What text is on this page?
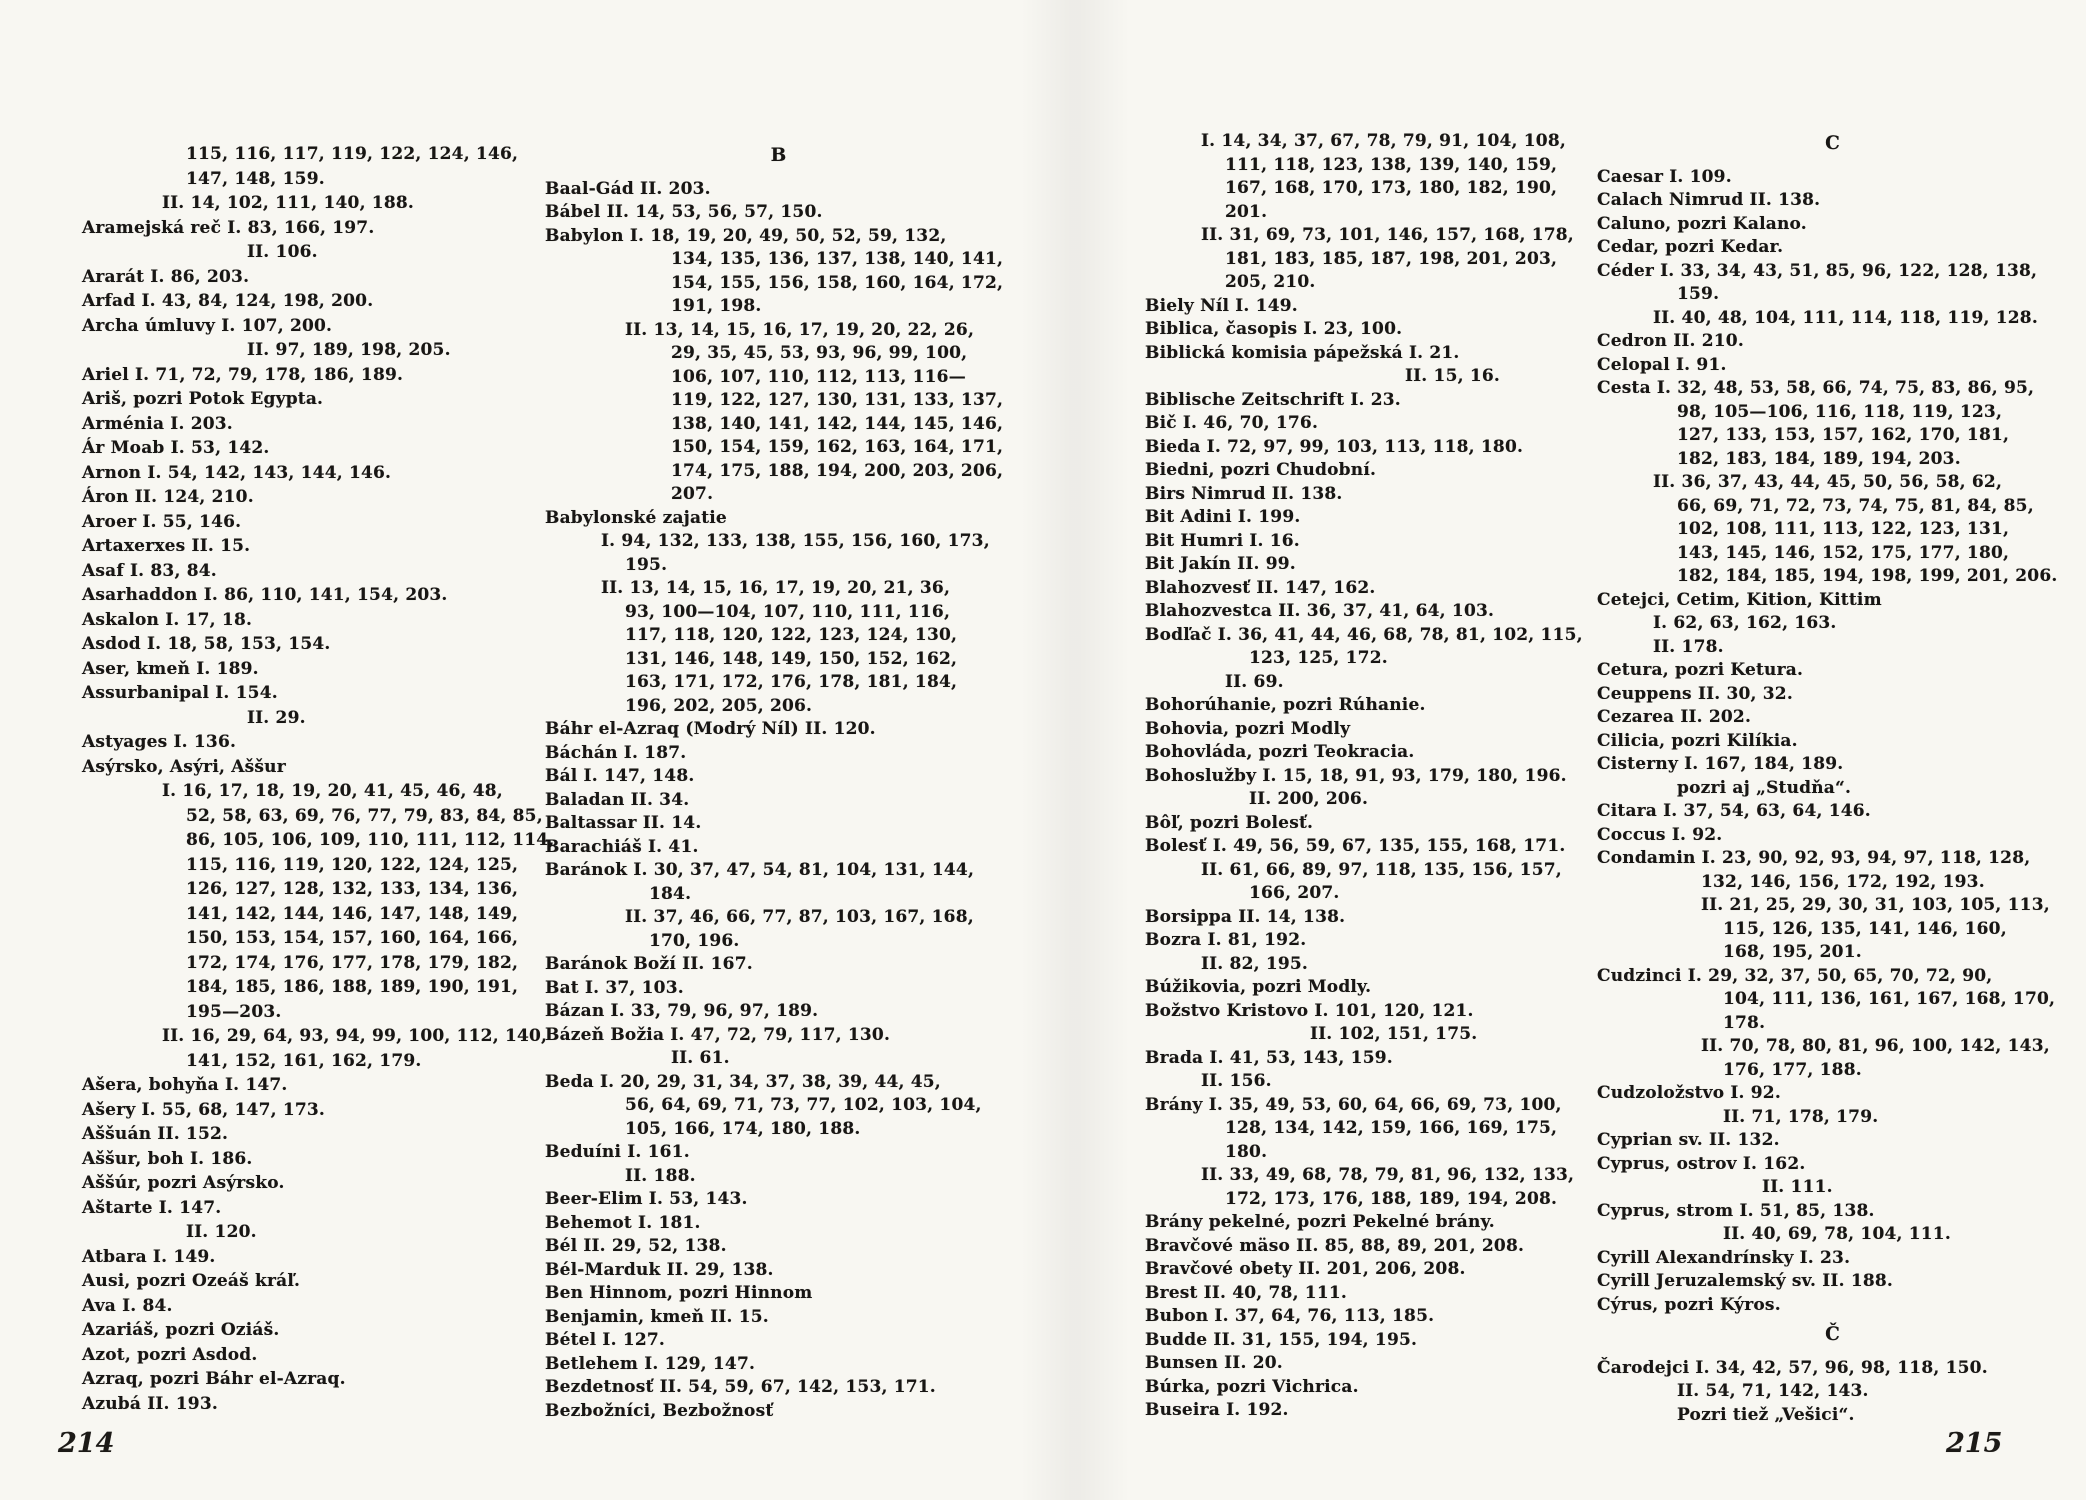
115, 116, 117, 119, 122, 124, 146,
147, 148, 159.
II. 14, 102, 111, 140, 188.
Aramejská reč I. 83, 166, 197.
II. 106.
Ararát I. 86, 203.
Arfad I. 43, 84, 124, 198, 200.
Archa úmluvy I. 107, 200.
II. 97, 189, 198, 205.
Ariel I. 71, 72, 79, 178, 186, 189.
Ariš, pozri Potok Egypta.
Arménia I. 203.
Ár Moab I. 53, 142.
Arnon I. 54, 142, 143, 144, 146.
Áron II. 124, 210.
Aroer I. 55, 146.
Artaxerxes II. 15.
Asaf I. 83, 84.
Asarhaddon I. 86, 110, 141, 154, 203.
Askalon I. 17, 18.
Asdod I. 18, 58, 153, 154.
Aser, kmeň I. 189.
Assurbanipal I. 154.
II. 29.
Astyages I. 136.
Asýrsko, Asýri, Aššur
I. 16, 17, 18, 19, 20, 41, 45, 46, 48,
52, 58, 63, 69, 76, 77, 79, 83, 84, 85,
86, 105, 106, 109, 110, 111, 112, 114,
115, 116, 119, 120, 122, 124, 125,
126, 127, 128, 132, 133, 134, 136,
141, 142, 144, 146, 147, 148, 149,
150, 153, 154, 157, 160, 164, 166,
172, 174, 176, 177, 178, 179, 182,
184, 185, 186, 188, 189, 190, 191,
195—203.
II. 16, 29, 64, 93, 94, 99, 100, 112, 140,
141, 152, 161, 162, 179.
Ašera, bohyňa I. 147.
Ašery I. 55, 68, 147, 173.
Aššuán II. 152.
Aššur, boh I. 186.
Aššúr, pozri Asýrsko.
Aštarte I. 147.
II. 120.
Atbara I. 149.
Ausi, pozri Ozeáš kráľ.
Ava I. 84.
Azariáš, pozri Oziáš.
Azot, pozri Asdod.
Azraq, pozri Báhr el-Azraq.
Azubá II. 193.
B
Baal-Gád II. 203.
Bábel II. 14, 53, 56, 57, 150.
Babylon I. 18, 19, 20, 49, 50, 52, 59, 132,
134, 135, 136, 137, 138, 140, 141,
154, 155, 156, 158, 160, 164, 172,
191, 198.
II. 13, 14, 15, 16, 17, 19, 20, 22, 26,
29, 35, 45, 53, 93, 96, 99, 100,
106, 107, 110, 112, 113, 116—
119, 122, 127, 130, 131, 133, 137,
138, 140, 141, 142, 144, 145, 146,
150, 154, 159, 162, 163, 164, 171,
174, 175, 188, 194, 200, 203, 206,
207.
Babylonské zajatie
I. 94, 132, 133, 138, 155, 156, 160, 173,
195.
II. 13, 14, 15, 16, 17, 19, 20, 21, 36,
93, 100—104, 107, 110, 111, 116,
117, 118, 120, 122, 123, 124, 130,
131, 146, 148, 149, 150, 152, 162,
163, 171, 172, 176, 178, 181, 184,
196, 202, 205, 206.
Báhr el-Azraq (Modrý Níl) II. 120.
Báchán I. 187.
Bál I. 147, 148.
Baladan II. 34.
Baltassar II. 14.
Barachiáš I. 41.
Baránok I. 30, 37, 47, 54, 81, 104, 131, 144,
184.
II. 37, 46, 66, 77, 87, 103, 167, 168,
170, 196.
Baránok Boží II. 167.
Bat I. 37, 103.
Bázan I. 33, 79, 96, 97, 189.
Bázeň Božia I. 47, 72, 79, 117, 130.
II. 61.
Beda I. 20, 29, 31, 34, 37, 38, 39, 44, 45,
56, 64, 69, 71, 73, 77, 102, 103, 104,
105, 166, 174, 180, 188.
Beduíni I. 161.
II. 188.
Beer-Elim I. 53, 143.
Behemot I. 181.
Bél II. 29, 52, 138.
Bél-Marduk II. 29, 138.
Ben Hinnom, pozri Hinnom
Benjamin, kmeň II. 15.
Bétel I. 127.
Betlehem I. 129, 147.
Bezdetnosť II. 54, 59, 67, 142, 153, 171.
Bezbožníci, Bezbožnosť
I. 14, 34, 37, 67, 78, 79, 91, 104, 108,
111, 118, 123, 138, 139, 140, 159,
167, 168, 170, 173, 180, 182, 190,
201.
II. 31, 69, 73, 101, 146, 157, 168, 178,
181, 183, 185, 187, 198, 201, 203,
205, 210.
Biely Níl I. 149.
Biblica, časopis I. 23, 100.
Biblická komisia pápežská I. 21.
II. 15, 16.
Biblische Zeitschrift I. 23.
Bič I. 46, 70, 176.
Bieda I. 72, 97, 99, 103, 113, 118, 180.
Biedni, pozri Chudobní.
Birs Nimrud II. 138.
Bit Adini I. 199.
Bit Humri I. 16.
Bit Jakín II. 99.
Blahozvesť II. 147, 162.
Blahozvestca II. 36, 37, 41, 64, 103.
Bodľač I. 36, 41, 44, 46, 68, 78, 81, 102, 115,
123, 125, 172.
II. 69.
Bohorúhanie, pozri Rúhanie.
Bohovia, pozri Modly
Bohovláda, pozri Teokracia.
Bohoslužby I. 15, 18, 91, 93, 179, 180, 196.
II. 200, 206.
Bôľ, pozri Bolesť.
Bolesť I. 49, 56, 59, 67, 135, 155, 168, 171.
II. 61, 66, 89, 97, 118, 135, 156, 157,
166, 207.
Borsippa II. 14, 138.
Bozra I. 81, 192.
II. 82, 195.
Búžikovia, pozri Modly.
Božstvo Kristovo I. 101, 120, 121.
II. 102, 151, 175.
Brada I. 41, 53, 143, 159.
II. 156.
Brány I. 35, 49, 53, 60, 64, 66, 69, 73, 100,
128, 134, 142, 159, 166, 169, 175,
180.
II. 33, 49, 68, 78, 79, 81, 96, 132, 133,
172, 173, 176, 188, 189, 194, 208.
Brány pekelné, pozri Pekelné brány.
Bravčové mäso II. 85, 88, 89, 201, 208.
Bravčové obety II. 201, 206, 208.
Brest II. 40, 78, 111.
Bubon I. 37, 64, 76, 113, 185.
Budde II. 31, 155, 194, 195.
Bunsen II. 20.
Búrka, pozri Vichrica.
Buseira I. 192.
C
Caesar I. 109.
Calach Nimrud II. 138.
Caluno, pozri Kalano.
Cedar, pozri Kedar.
Céder I. 33, 34, 43, 51, 85, 96, 122, 128, 138,
159.
II. 40, 48, 104, 111, 114, 118, 119, 128.
Cedron II. 210.
Celopal I. 91.
Cesta I. 32, 48, 53, 58, 66, 74, 75, 83, 86, 95,
98, 105—106, 116, 118, 119, 123,
127, 133, 153, 157, 162, 170, 181,
182, 183, 184, 189, 194, 203.
II. 36, 37, 43, 44, 45, 50, 56, 58, 62,
66, 69, 71, 72, 73, 74, 75, 81, 84, 85,
102, 108, 111, 113, 122, 123, 131,
143, 145, 146, 152, 175, 177, 180,
182, 184, 185, 194, 198, 199, 201, 206.
Cetejci, Cetim, Kition, Kittim
I. 62, 63, 162, 163.
II. 178.
Cetura, pozri Ketura.
Ceuppens II. 30, 32.
Cezarea II. 202.
Cilicia, pozri Kilíkia.
Cisterny I. 167, 184, 189.
pozri aj „Studňa“.
Citara I. 37, 54, 63, 64, 146.
Coccus I. 92.
Condamin I. 23, 90, 92, 93, 94, 97, 118, 128,
132, 146, 156, 172, 192, 193.
II. 21, 25, 29, 30, 31, 103, 105, 113,
115, 126, 135, 141, 146, 160,
168, 195, 201.
Cudzinci I. 29, 32, 37, 50, 65, 70, 72, 90,
104, 111, 136, 161, 167, 168, 170,
178.
II. 70, 78, 80, 81, 96, 100, 142, 143,
176, 177, 188.
Cudzoložstvo I. 92.
II. 71, 178, 179.
Cyprian sv. II. 132.
Cyprus, ostrov I. 162.
II. 111.
Cyprus, strom I. 51, 85, 138.
II. 40, 69, 78, 104, 111.
Cyrill Alexandrínsky I. 23.
Cyrill Jeruzalemský sv. II. 188.
Cýrus, pozri Kýros.
Č
Čarodejci I. 34, 42, 57, 96, 98, 118, 150.
II. 54, 71, 142, 143.
Pozri tiež „Vešici“.
214	215
